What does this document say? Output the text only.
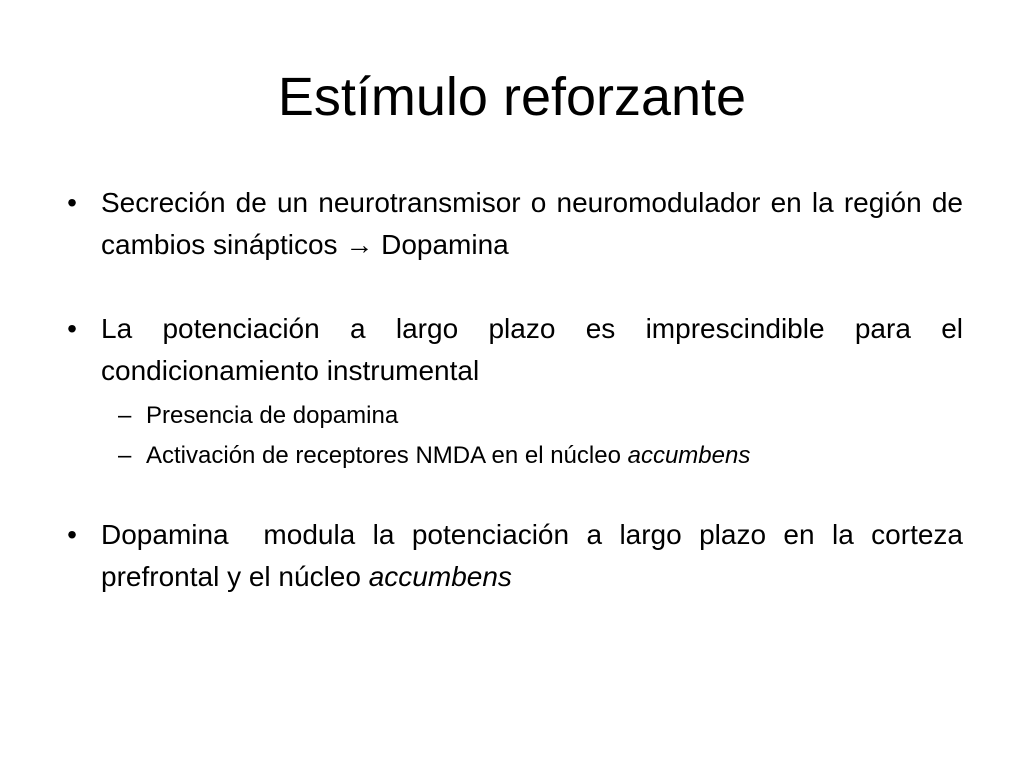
Estímulo reforzante
• Secreción de un neurotransmisor o neuromodulador en la región de cambios sinápticos → Dopamina
• La potenciación a largo plazo es imprescindible para el condicionamiento instrumental
– Presencia de dopamina
– Activación de receptores NMDA en el núcleo accumbens
• Dopamina  modula la potenciación a largo plazo en la corteza prefrontal y el núcleo accumbens
